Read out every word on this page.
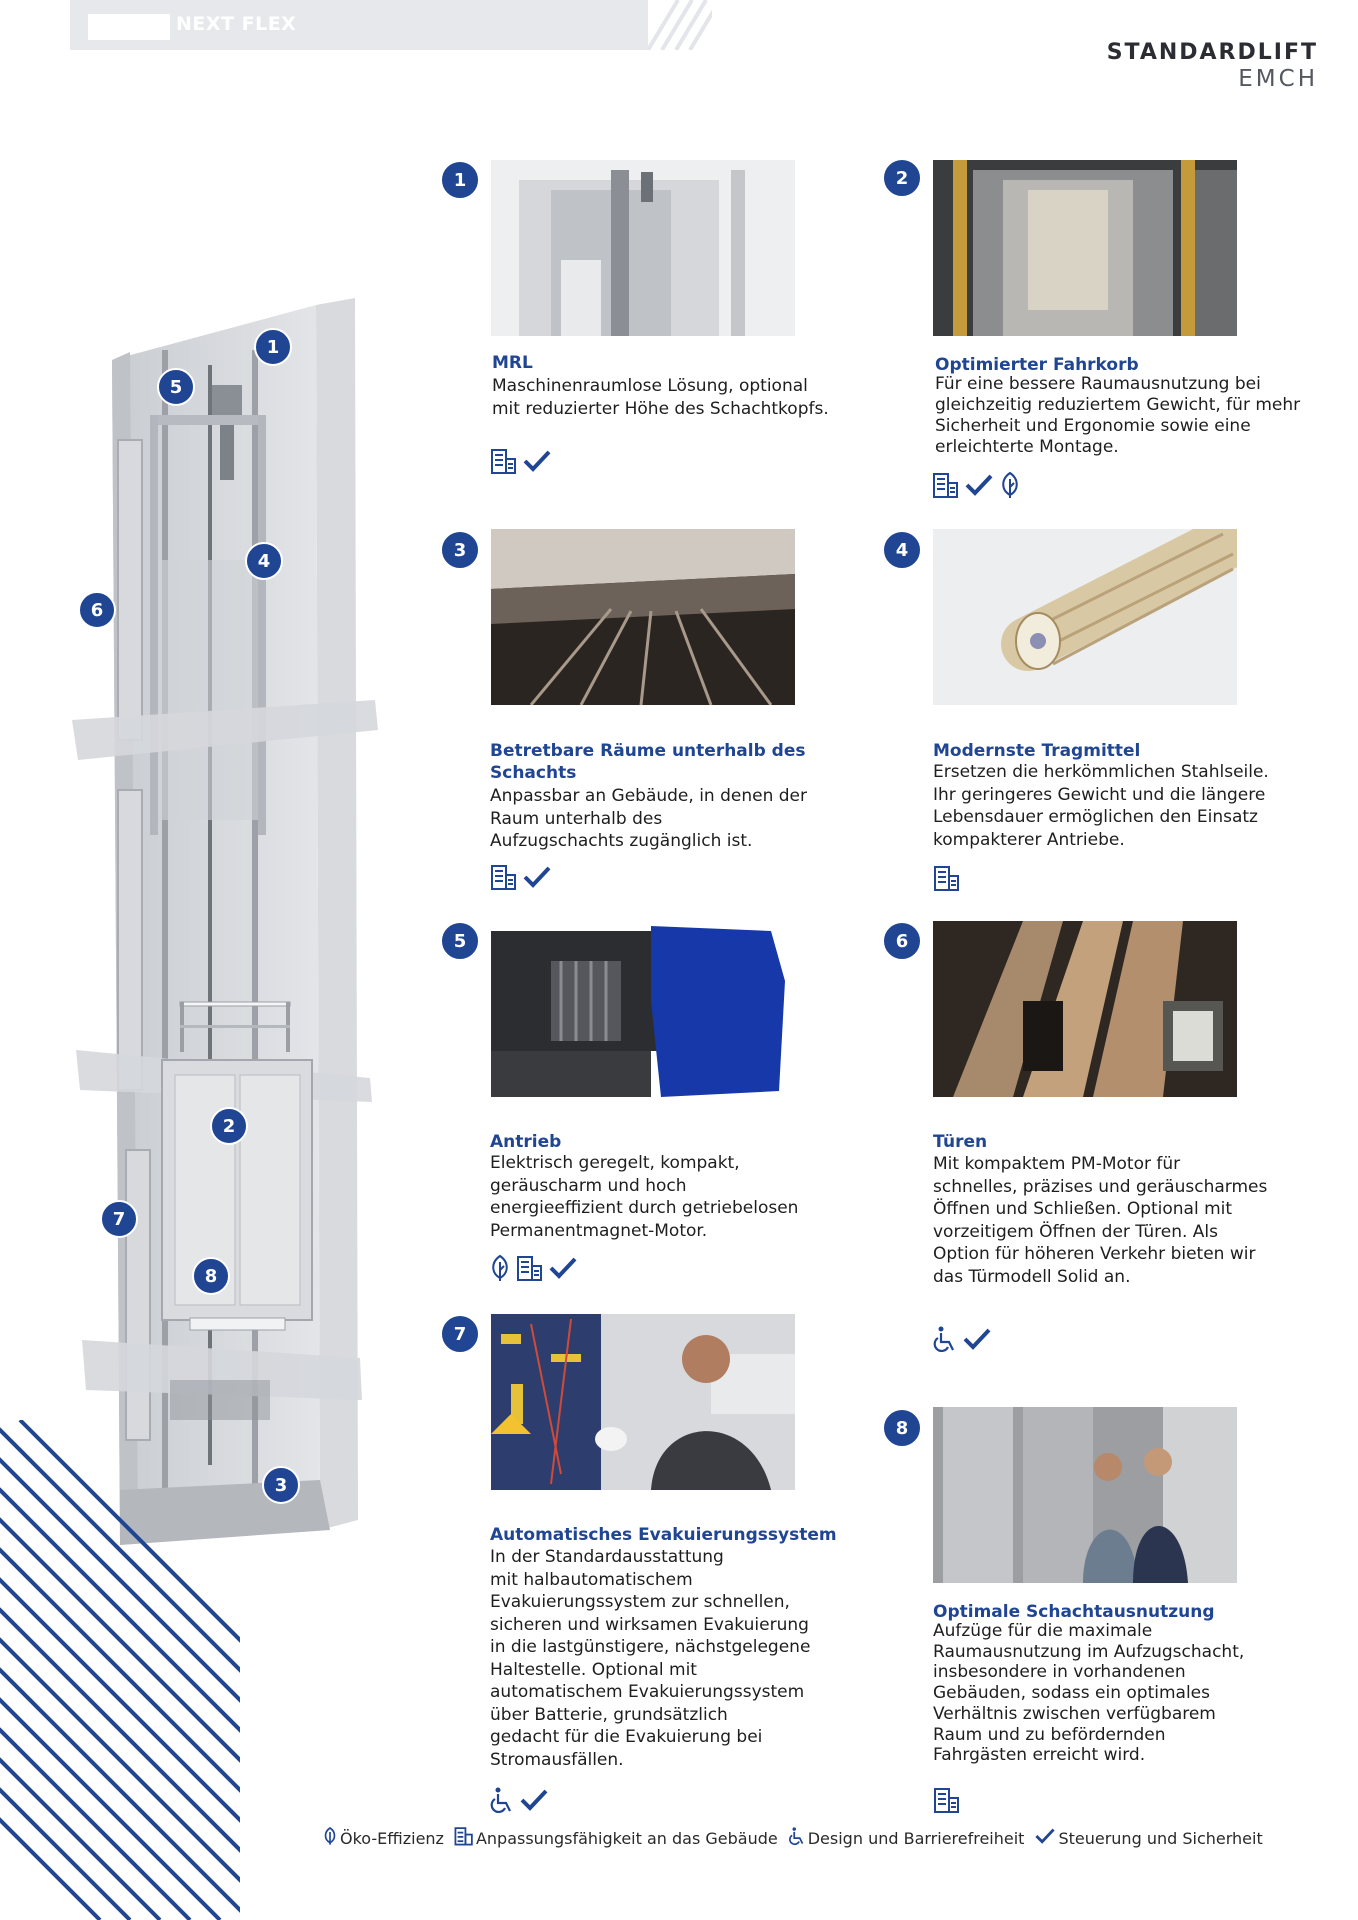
NEXT FLEX
STANDARDLIFT
EMCH
1
5
4
6
2
7
8
3
1
MRL
Maschinenraumlose Lösung, optional
mit reduzierter Höhe des Schachtkopfs.
2
Optimierter Fahrkorb
Für eine bessere Raumausnutzung bei
gleichzeitig reduziertem Gewicht, für mehr
Sicherheit und Ergonomie sowie eine
erleichterte Montage.
3
Betretbare Räume unterhalb des
Schachts
Anpassbar an Gebäude, in denen der
Raum unterhalb des
Aufzugschachts zugänglich ist.
4
Modernste Tragmittel
Ersetzen die herkömmlichen Stahlseile.
Ihr geringeres Gewicht und die längere
Lebensdauer ermöglichen den Einsatz
kompakterer Antriebe.
5
Antrieb
Elektrisch geregelt, kompakt,
geräuscharm und hoch
energieeffizient durch getriebelosen
Permanentmagnet-Motor.
6
Türen
Mit kompaktem PM-Motor für
schnelles, präzises und geräuscharmes
Öffnen und Schließen. Optional mit
vorzeitigem Öffnen der Türen. Als
Option für höheren Verkehr bieten wir
das Türmodell Solid an.
7
Automatisches Evakuierungssystem
In der Standardausstattung
mit halbautomatischem
Evakuierungssystem zur schnellen,
sicheren und wirksamen Evakuierung
in die lastgünstigere, nächstgelegene
Haltestelle. Optional mit
automatischem Evakuierungssystem
über Batterie, grundsätzlich
gedacht für die Evakuierung bei
Stromausfällen.
8
Optimale Schachtausnutzung
Aufzüge für die maximale
Raumausnutzung im Aufzugschacht,
insbesondere in vorhandenen
Gebäuden, sodass ein optimales
Verhältnis zwischen verfügbarem
Raum und zu befördernden
Fahrgästen erreicht wird.
Öko-Effizienz Anpassungsfähigkeit an das Gebäude Design und Barrierefreiheit Steuerung und Sicherheit
